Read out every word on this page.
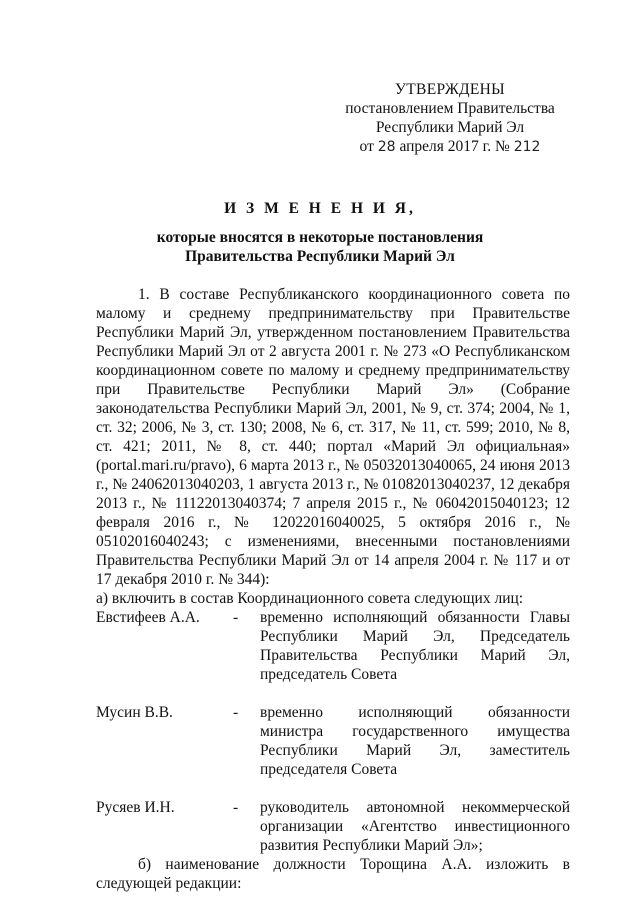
УТВЕРЖДЕНЫ
постановлением Правительства
Республики Марий Эл
от 28 апреля 2017 г. № 212
И З М Е Н Е Н И Я,
которые вносятся в некоторые постановления
Правительства Республики Марий Эл

1. В составе Республиканского координационного совета по малому и среднему предпринимательству при Правительстве Республики Марий Эл, утвержденном постановлением Правительства Республики Марий Эл от 2 августа 2001 г. № 273 «О Республиканском координационном совете по малому и среднему предпринимательству при Правительстве Республики Марий Эл» (Собрание законодательства Республики Марий Эл, 2001, № 9, ст. 374; 2004, № 1, ст. 32; 2006, № 3, ст. 130; 2008, № 6, ст. 317, № 11, ст. 599; 2010, № 8, ст. 421; 2011, № 8, ст. 440; портал «Марий Эл официальная» (portal.mari.ru/pravo), 6 марта 2013 г., № 05032013040065, 24 июня 2013 г., № 24062013040203, 1 августа 2013 г., № 01082013040237, 12 декабря 2013 г., № 11122013040374; 7 апреля 2015 г., № 06042015040123; 12 февраля 2016 г., № 12022016040025, 5 октября 2016 г., № 05102016040243; с изменениями, внесенными постановлениями Правительства Республики Марий Эл от 14 апреля 2004 г. № 117 и от 17 декабря 2010 г. № 344):

а) включить в состав Координационного совета следующих лиц:

Евстифеев А.А.	-	временно исполняющий обязанности Главы Республики Марий Эл, Председатель Правительства Республики Марий Эл, председатель Совета
Мусин В.В.	-	временно исполняющий обязанности министра государственного имущества Республики Марий Эл, заместитель председателя Совета
Русяев И.Н.	-	руководитель автономной некоммерческой организации «Агентство инвестиционного развития Республики Марий Эл»;

б) наименование должности Торощина А.А. изложить в следующей редакции:
